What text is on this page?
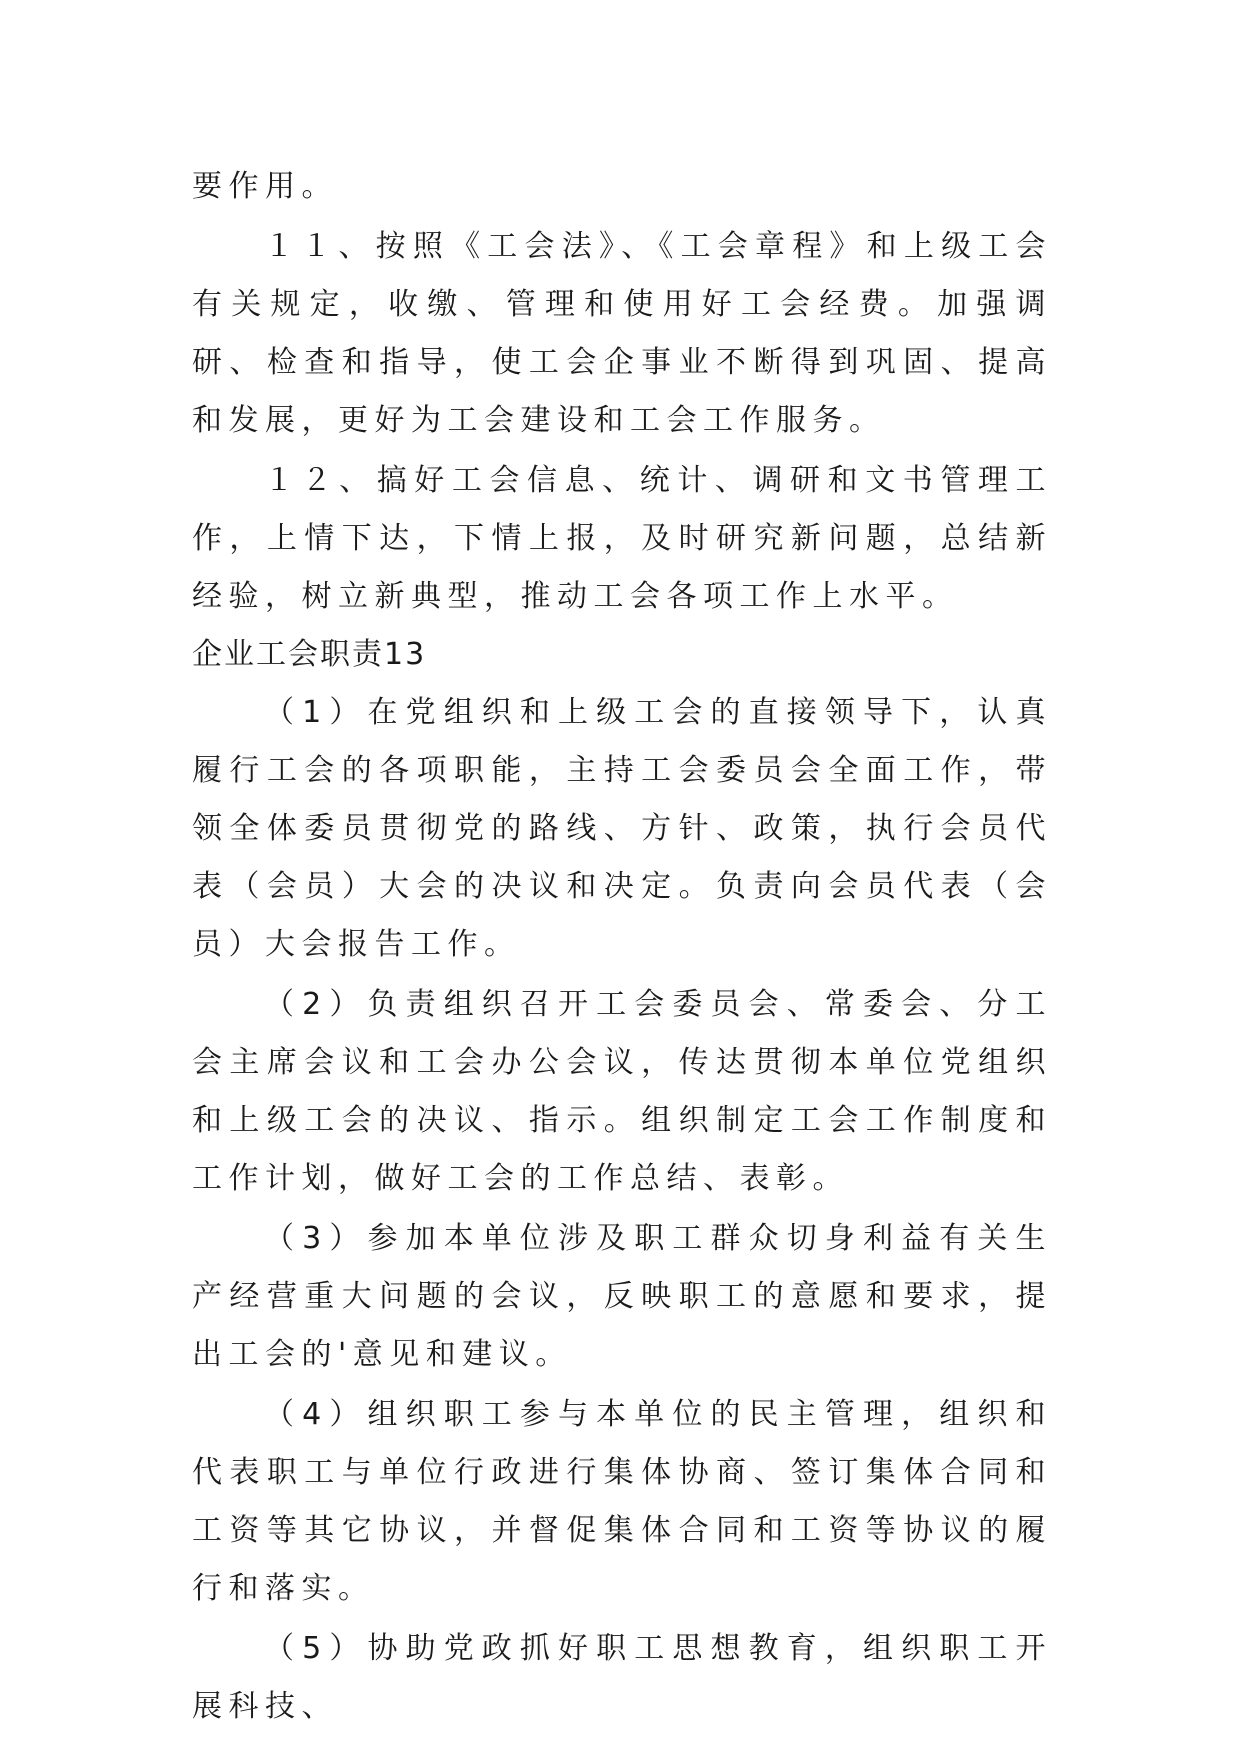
要作用。

１１、按照《工会法》、《工会章程》和上级工会有关规定，收缴、管理和使用好工会经费。加强调研、检查和指导，使工会企事业不断得到巩固、提高和发展，更好为工会建设和工会工作服务。

１２、搞好工会信息、统计、调研和文书管理工作，上情下达，下情上报，及时研究新问题，总结新经验，树立新典型，推动工会各项工作上水平。

企业工会职责13

（1）在党组织和上级工会的直接领导下，认真履行工会的各项职能，主持工会委员会全面工作，带领全体委员贯彻党的路线、方针、政策，执行会员代表（会员）大会的决议和决定。负责向会员代表（会员）大会报告工作。

（2）负责组织召开工会委员会、常委会、分工会主席会议和工会办公会议，传达贯彻本单位党组织和上级工会的决议、指示。组织制定工会工作制度和工作计划，做好工会的工作总结、表彰。

（3）参加本单位涉及职工群众切身利益有关生产经营重大问题的会议，反映职工的意愿和要求，提出工会的'意见和建议。

（4）组织职工参与本单位的民主管理，组织和代表职工与单位行政进行集体协商、签订集体合同和工资等其它协议，并督促集体合同和工资等协议的履行和落实。

（5）协助党政抓好职工思想教育，组织职工开展科技、
